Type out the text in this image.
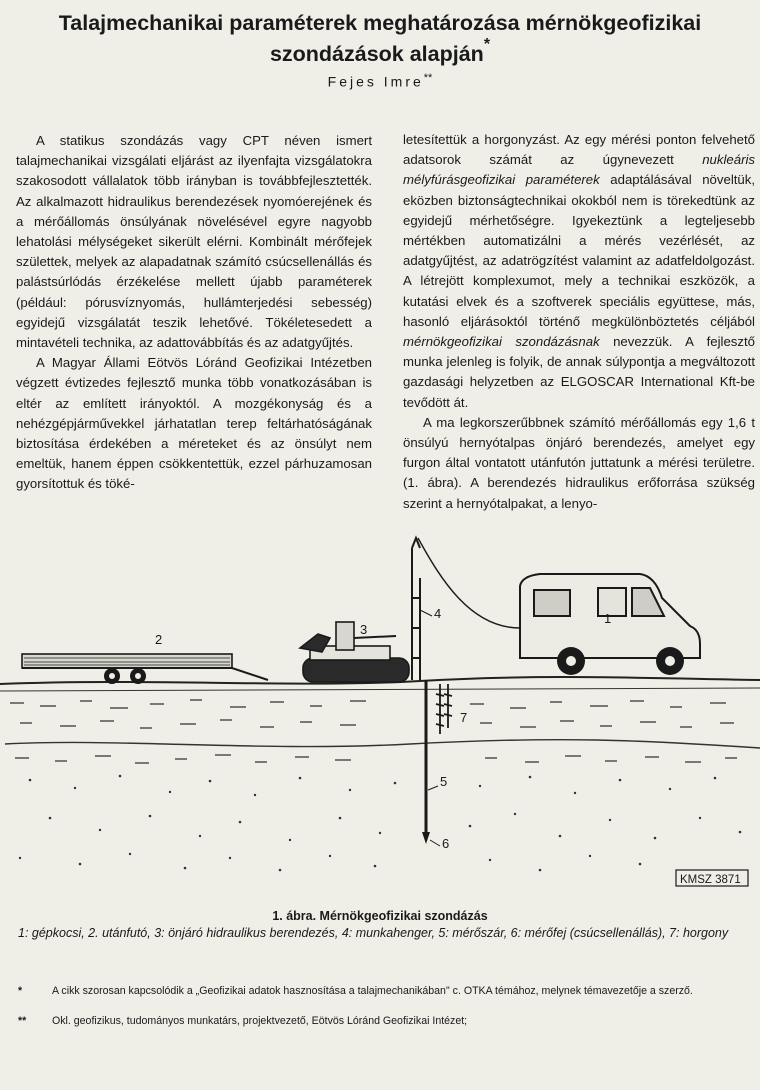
Talajmechanikai paraméterek meghatározása mérnökgeofizikai
szondázások alapján*
Fejes Imre**

A statikus szondázás vagy CPT néven ismert talajmechanikai vizsgálati eljárást az ilyenfajta vizsgálatokra szakosodott vállalatok több irányban is továbbfejlesztették. Az alkalmazott hidraulikus berendezések nyomóerejének és a mérőállomás önsúlyának növelésével egyre nagyobb lehatolási mélységeket sikerült elérni. Kombinált mérőfejek születtek, melyek az alapadatnak számító csúcsellenállás és palástsúrlódás érzékelése mellett újabb paraméterek (például: pórusvíznyomás, hullámterjedési sebesség) egyidejű vizsgálatát teszik lehetővé. Tökéletesedett a mintavételi technika, az adattovábbítás és az adatgyűjtés.

A Magyar Állami Eötvös Lóránd Geofizikai Intézetben végzett évtizedes fejlesztő munka több vonatkozásában is eltér az említett irányoktól. A mozgékonyság és a nehézgépjárművekkel járhatatlan terep feltárhatóságának biztosítása érdekében a méreteket és az önsúlyt nem emeltük, hanem éppen csökkentettük, ezzel párhuzamosan gyorsítottuk és töké-

letesítettük a horgonyzást. Az egy mérési ponton felvehető adatsorok számát az úgynevezett nukleáris mélyfúrásgeofizikai paraméterek adaptálásával növeltük, eközben biztonságtechnikai okokból nem is törekedtünk az egyidejű mérhetőségre. Igyekeztünk a legteljesebb mértékben automatizálni a mérés vezérlését, az adatgyűjtést, az adatrögzítést valamint az adatfeldolgozást. A létrejött komplexumot, mely a technikai eszközök, a kutatási elvek és a szoftverek speciális együttese, más, hasonló eljárásoktól történő megkülönböztetés céljából mérnökgeofizikai szondázásnak nevezzük. A fejlesztő munka jelenleg is folyik, de annak súlypontja a megváltozott gazdasági helyzetben az ELGOSCAR International Kft-be tevődött át.

A ma legkorszerűbbnek számító mérőállomás egy 1,6 t önsúlyú hernyótalpas önjáró berendezés, amelyet egy furgon által vontatott utánfutón juttatunk a mérési területre. (1. ábra). A berendezés hidraulikus erőforrása szükség szerint a hernyótalpakat, a lenyo-

1
2
3
4
5
6
7
KMSZ 3871
1. ábra. Mérnökgeofizikai szondázás
1: gépkocsi, 2. utánfutó, 3: önjáró hidraulikus berendezés, 4: munkahenger, 5: mérőszár, 6: mérőfej (csúcsellenállás), 7: horgony
*	A cikk szorosan kapcsolódik a „Geofizikai adatok hasznosítása a talajmechanikában" c. OTKA témához, melynek témavezetője a szerző.
** Okl. geofizikus, tudományos munkatárs, projektvezető, Eötvös Lóránd Geofizikai Intézet;
